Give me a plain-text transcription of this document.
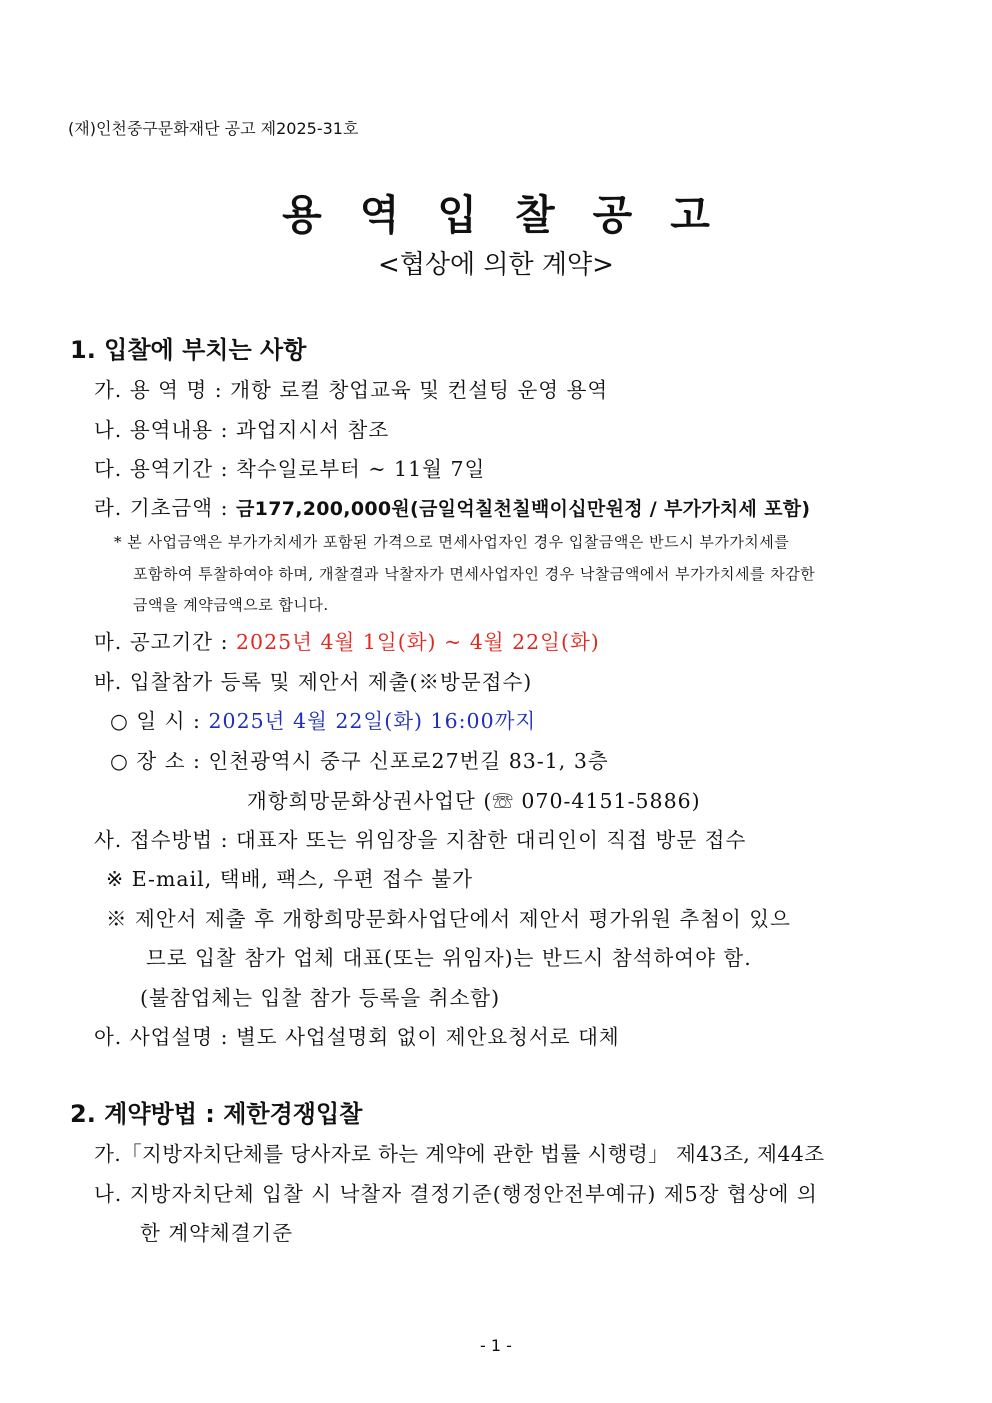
(재)인천중구문화재단 공고 제2025-31호
용역입찰공고
<협상에 의한 계약>
1. 입찰에 부치는 사항
가. 용 역 명 : 개항 로컬 창업교육 및 컨설팅 운영 용역
나. 용역내용 : 과업지시서 참조
다. 용역기간 : 착수일로부터 ~ 11월 7일
라. 기초금액 : 금177,200,000원(금일억칠천칠백이십만원정 / 부가가치세 포함)
* 본 사업금액은 부가가치세가 포함된 가격으로 면세사업자인 경우 입찰금액은 반드시 부가가치세를
포함하여 투찰하여야 하며, 개찰결과 낙찰자가 면세사업자인 경우 낙찰금액에서 부가가치세를 차감한
금액을 계약금액으로 합니다.
마. 공고기간 : 2025년 4월 1일(화) ~ 4월 22일(화)
바. 입찰참가 등록 및 제안서 제출(※방문접수)
○ 일 시 : 2025년 4월 22일(화) 16:00까지
○ 장 소 : 인천광역시 중구 신포로27번길 83-1, 3층
개항희망문화상권사업단 (☏ 070-4151-5886)
사. 접수방법 : 대표자 또는 위임장을 지참한 대리인이 직접 방문 접수
※ E-mail, 택배, 팩스, 우편 접수 불가
※ 제안서 제출 후 개항희망문화사업단에서 제안서 평가위원 추첨이 있으
므로 입찰 참가 업체 대표(또는 위임자)는 반드시 참석하여야 함.
(불참업체는 입찰 참가 등록을 취소함)
아. 사업설명 : 별도 사업설명회 없이 제안요청서로 대체
2. 계약방법 : 제한경쟁입찰
가.「지방자치단체를 당사자로 하는 계약에 관한 법률 시행령」 제43조, 제44조
나. 지방자치단체 입찰 시 낙찰자 결정기준(행정안전부예규) 제5장 협상에 의
한 계약체결기준
- 1 -
